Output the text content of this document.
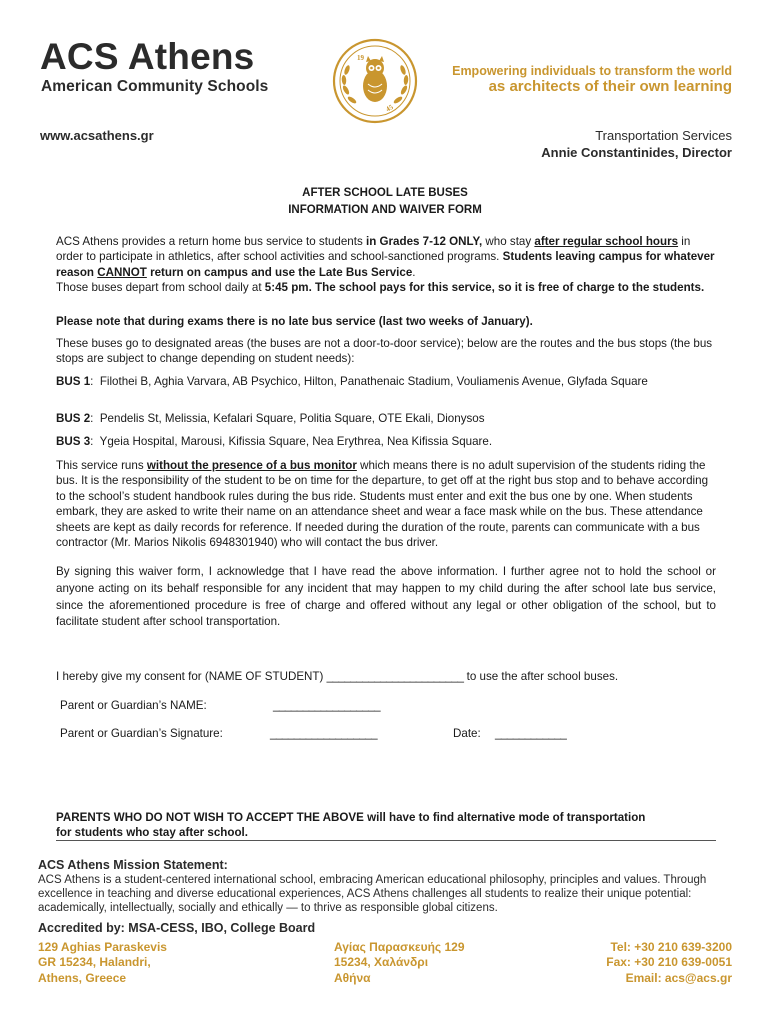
ACS Athens
American Community Schools
19
45
Empowering individuals to transform the world
as architects of their own learning
www.acsathens.gr	Transportation Services
Annie Constantinides, Director
AFTER SCHOOL LATE BUSES
INFORMATION AND WAIVER FORM
ACS Athens provides a return home bus service to students in Grades 7-12 ONLY, who stay after regular school hours in order to participate in athletics, after school activities and school-sanctioned programs. Students leaving campus for whatever reason CANNOT return on campus and use the Late Bus Service.
Those buses depart from school daily at 5:45 pm. The school pays for this service, so it is free of charge to the students.
Please note that during exams there is no late bus service (last two weeks of January).
These buses go to designated areas (the buses are not a door-to-door service); below are the routes and the bus stops (the bus stops are subject to change depending on student needs):
BUS 1:  Filothei B, Aghia Varvara, AB Psychico, Hilton, Panathenaic Stadium, Vouliamenis Avenue, Glyfada Square
BUS 2:  Pendelis St, Melissia, Kefalari Square, Politia Square, OTE Ekali, Dionysos
BUS 3:  Ygeia Hospital, Marousi, Kifissia Square, Nea Erythrea, Nea Kifissia Square.
This service runs without the presence of a bus monitor which means there is no adult supervision of the students riding the bus. It is the responsibility of the student to be on time for the departure, to get off at the right bus stop and to behave according to the school’s student handbook rules during the bus ride. Students must enter and exit the bus one by one. When students embark, they are asked to write their name on an attendance sheet and wear a face mask while on the bus. These attendance sheets are kept as daily records for reference. If needed during the duration of the route, parents can communicate with a bus contractor (Mr. Marios Nikolis 6948301940) who will contact the bus driver.
By signing this waiver form, I acknowledge that I have read the above information. I further agree not to hold the school or anyone acting on its behalf responsible for any incident that may happen to my child during the after school late bus service, since the aforementioned procedure is free of charge and offered without any legal or other obligation of the school, but to facilitate student after school transportation.
I hereby give my consent for (NAME OF STUDENT) _______________________ to use the after school buses.
Parent or Guardian’s NAME:	__________________
Parent or Guardian’s Signature:	__________________	Date: ____________
PARENTS WHO DO NOT WISH TO ACCEPT THE ABOVE will have to find alternative mode of transportation for students who stay after school.
ACS Athens Mission Statement:
ACS Athens is a student-centered international school, embracing American educational philosophy, principles and values. Through excellence in teaching and diverse educational experiences, ACS Athens challenges all students to realize their unique potential: academically, intellectually, socially and ethically — to thrive as responsible global citizens.
Accredited by: MSA-CESS, IBO, College Board
129 Aghias Paraskevis
GR 15234, Halandri,
Athens, Greece
Αγίας Παρασκευής 129
15234, Χαλάνδρι
Αθήνα
Tel: +30 210 639-3200
Fax: +30 210 639-0051
Email: acs@acs.gr
